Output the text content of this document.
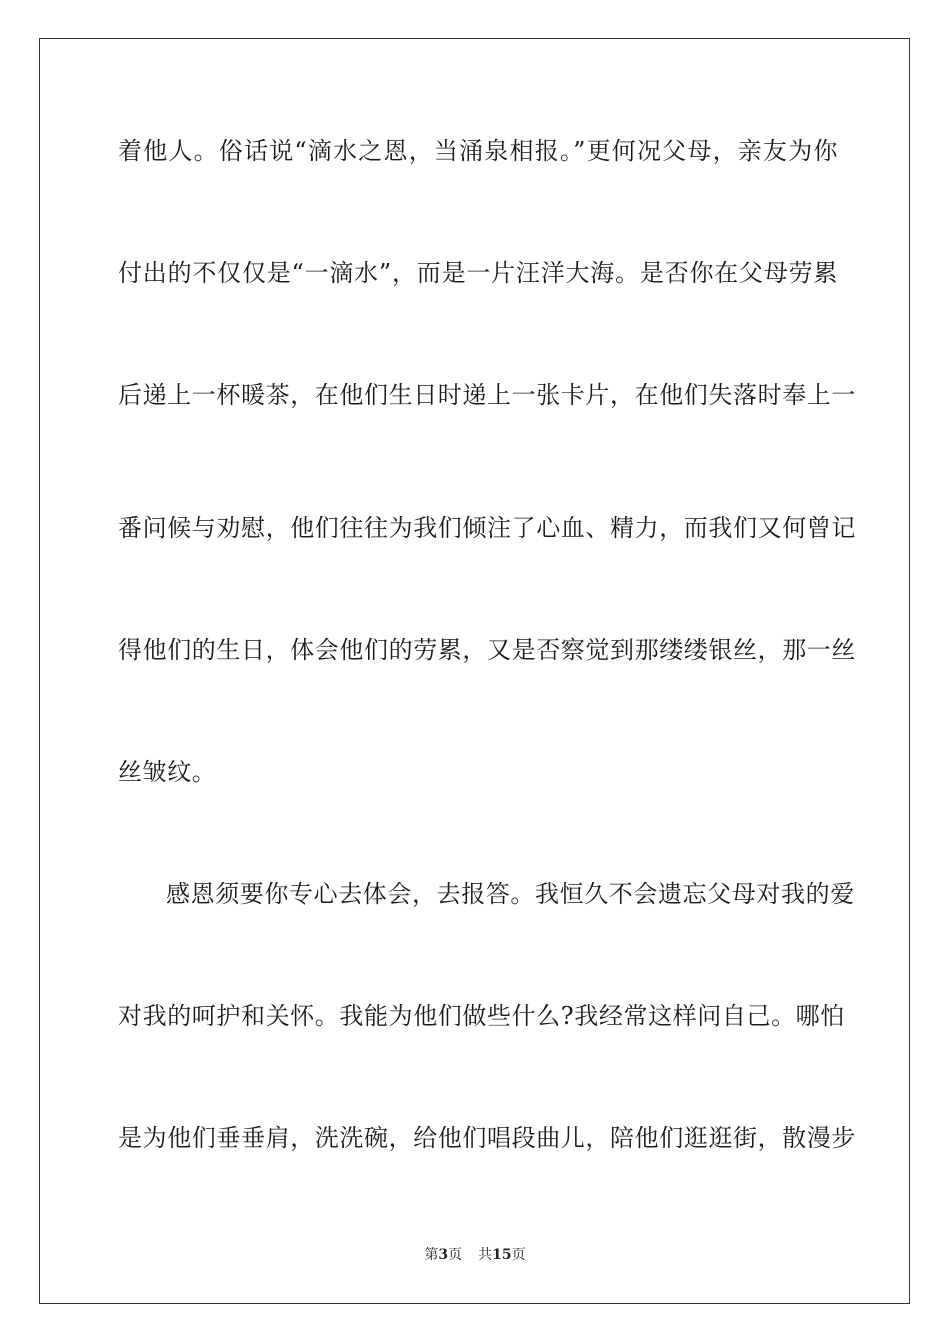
着他人。俗话说“滴水之恩，当涌泉相报。”更何况父母，亲友为你
付出的不仅仅是“一滴水”，而是一片汪洋大海。是否你在父母劳累
后递上一杯暖茶，在他们生日时递上一张卡片，在他们失落时奉上一
番问候与劝慰，他们往往为我们倾注了心血、精力，而我们又何曾记
得他们的生日，体会他们的劳累，又是否察觉到那缕缕银丝，那一丝
丝皱纹。
感恩须要你专心去体会，去报答。我恒久不会遗忘父母对我的爱
对我的呵护和关怀。我能为他们做些什么?我经常这样问自己。哪怕
是为他们垂垂肩，洗洗碗，给他们唱段曲儿，陪他们逛逛街，散漫步
第3页 共15页
